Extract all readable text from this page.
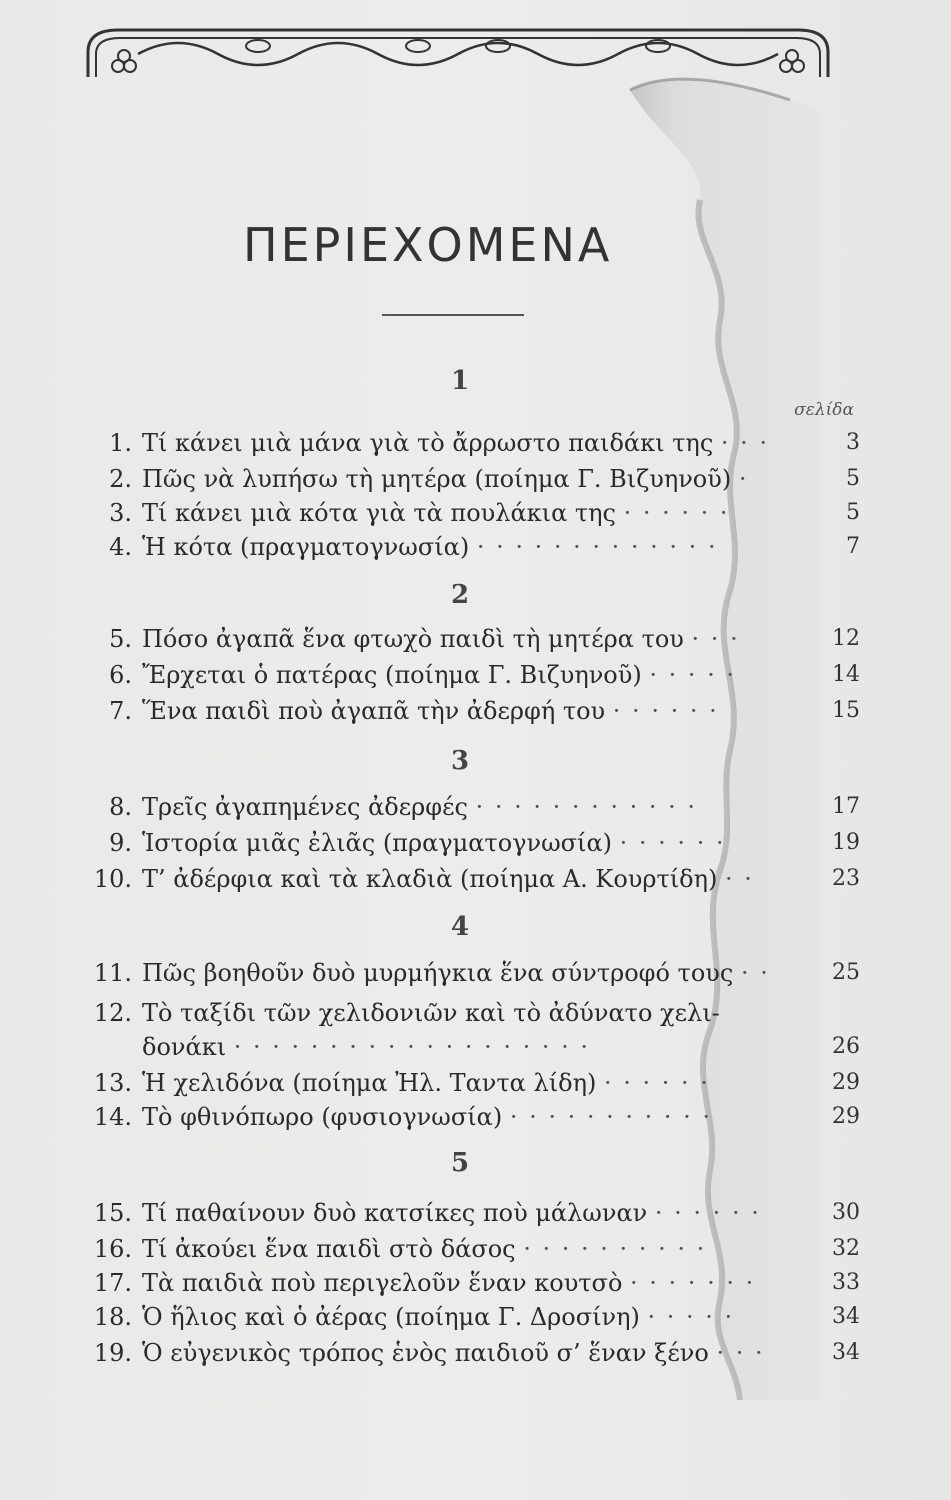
ΠΕΡΙΕΧΟΜΕΝΑ
σελίδα
1
1. Τί κάνει μιὰ μάνα γιὰ τὸ ἄρρωστο παιδάκι της · · ·	3
2. Πῶς νὰ λυπήσω τὴ μητέρα (ποίημα Γ. Βιζυηνοῦ) ·	5
3. Τί κάνει μιὰ κότα γιὰ τὰ πουλάκια της · · · · · ·	5
4. Ἡ κότα (πραγματογνωσία) · · · · · · · · · · · · ·	7
2
5. Πόσο ἀγαπᾶ ἕνα φτωχὸ παιδὶ τὴ μητέρα του · · ·	12
6. Ἔρχεται ὁ πατέρας (ποίημα Γ. Βιζυηνοῦ) · · · · ·	14
7. Ἕνα παιδὶ ποὺ ἀγαπᾶ τὴν ἀδερφή του · · · · · ·	15
3
8. Τρεῖς ἀγαπημένες ἀδερφές · · · · · · · · · · · ·	17
9. Ἱστορία μιᾶς ἐλιᾶς (πραγματογνωσία) · · · · · ·	19
10. Τ’ ἀδέρφια καὶ τὰ κλαδιὰ (ποίημα Α. Κουρτίδη) · ·	23
4
11. Πῶς βοηθοῦν δυὸ μυρμήγκια ἕνα σύντροφό τους · ·	25
12. Τὸ ταξίδι τῶν χελιδονιῶν καὶ τὸ ἀδύνατο χελι-
δονάκι · · · · · · · · · · · · · · · · · · ·	26
13. Ἡ χελιδόνα (ποίημα Ἠλ. Ταντα λίδη) · · · · · ·	29
14. Τὸ φθινόπωρο (φυσιογνωσία) · · · · · · · · · · ·	29
5
15. Τί παθαίνουν δυὸ κατσίκες ποὺ μάλωναν · · · · · ·	30
16. Τί ἀκούει ἕνα παιδὶ στὸ δάσος · · · · · · · · · ·	32
17. Τὰ παιδιὰ ποὺ περιγελοῦν ἕναν κουτσὸ · · · · · · ·	33
18. Ὁ ἥλιος καὶ ὁ ἀέρας (ποίημα Γ. Δροσίνη) · · · · ·	34
19. Ὁ εὐγενικὸς τρόπος ἑνὸς παιδιοῦ σ’ ἕναν ξένο · · ·	34
